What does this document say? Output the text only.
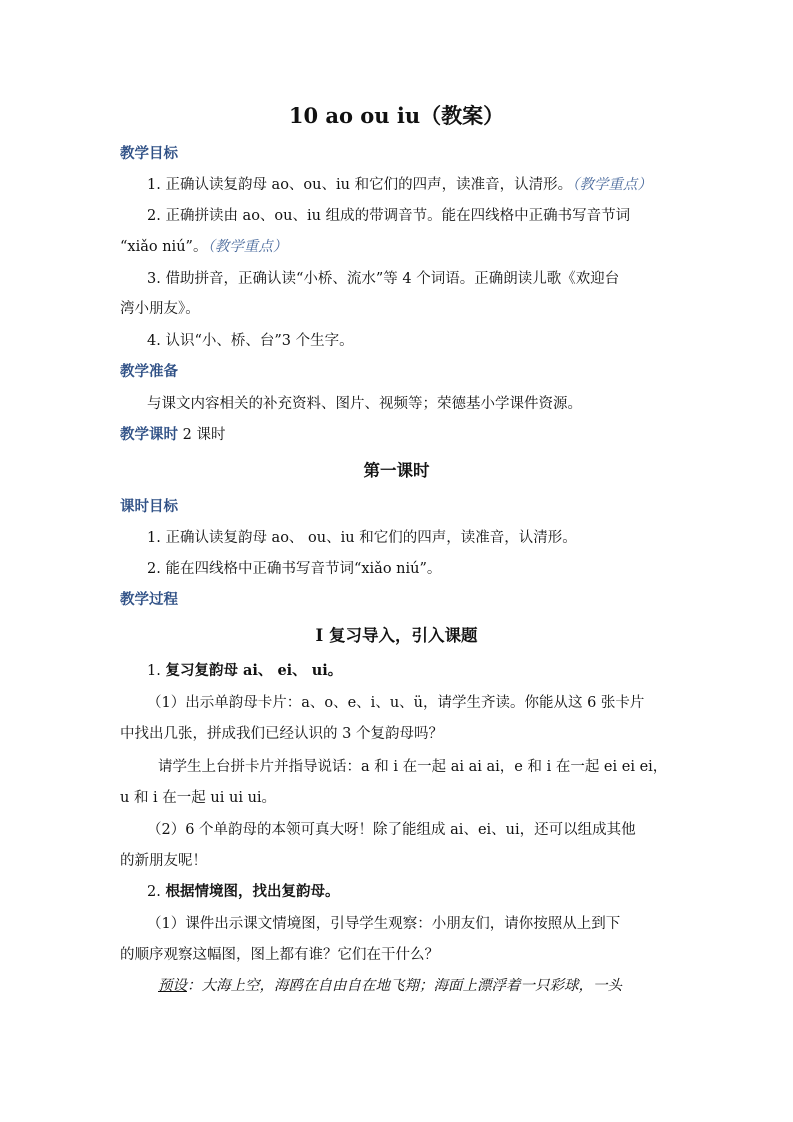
10 ao ou iu（教案）
教学目标
1. 正确认读复韵母 ao、ou、iu 和它们的四声，读准音，认清形。（教学重点）
2. 正确拼读由 ao、ou、iu 组成的带调音节。能在四线格中正确书写音节词
“xiǎo niú”。（教学重点）
3. 借助拼音，正确认读“小桥、流水”等 4 个词语。正确朗读儿歌《欢迎台
湾小朋友》。
4. 认识“小、桥、台”3 个生字。
教学准备
与课文内容相关的补充资料、图片、视频等；荣德基小学课件资源。
教学课时 2 课时
第一课时
课时目标
1. 正确认读复韵母 ao、 ou、iu 和它们的四声，读准音，认清形。
2. 能在四线格中正确书写音节词“xiǎo niú”。
教学过程
Ⅰ 复习导入，引入课题
1. 复习复韵母 ai、 ei、 ui。
（1）出示单韵母卡片：a、o、e、i、u、ü，请学生齐读。你能从这 6 张卡片
中找出几张，拼成我们已经认识的 3 个复韵母吗？
请学生上台拼卡片并指导说话：a 和 i 在一起 ai ai ai，e 和 i 在一起 ei ei ei，
u 和 i 在一起 ui ui ui。
（2）6 个单韵母的本领可真大呀！除了能组成 ai、ei、ui，还可以组成其他
的新朋友呢！
2. 根据情境图，找出复韵母。
（1）课件出示课文情境图，引导学生观察：小朋友们，请你按照从上到下
的顺序观察这幅图，图上都有谁？它们在干什么？
预设：大海上空，海鸥在自由自在地飞翔；海面上漂浮着一只彩球，一头
